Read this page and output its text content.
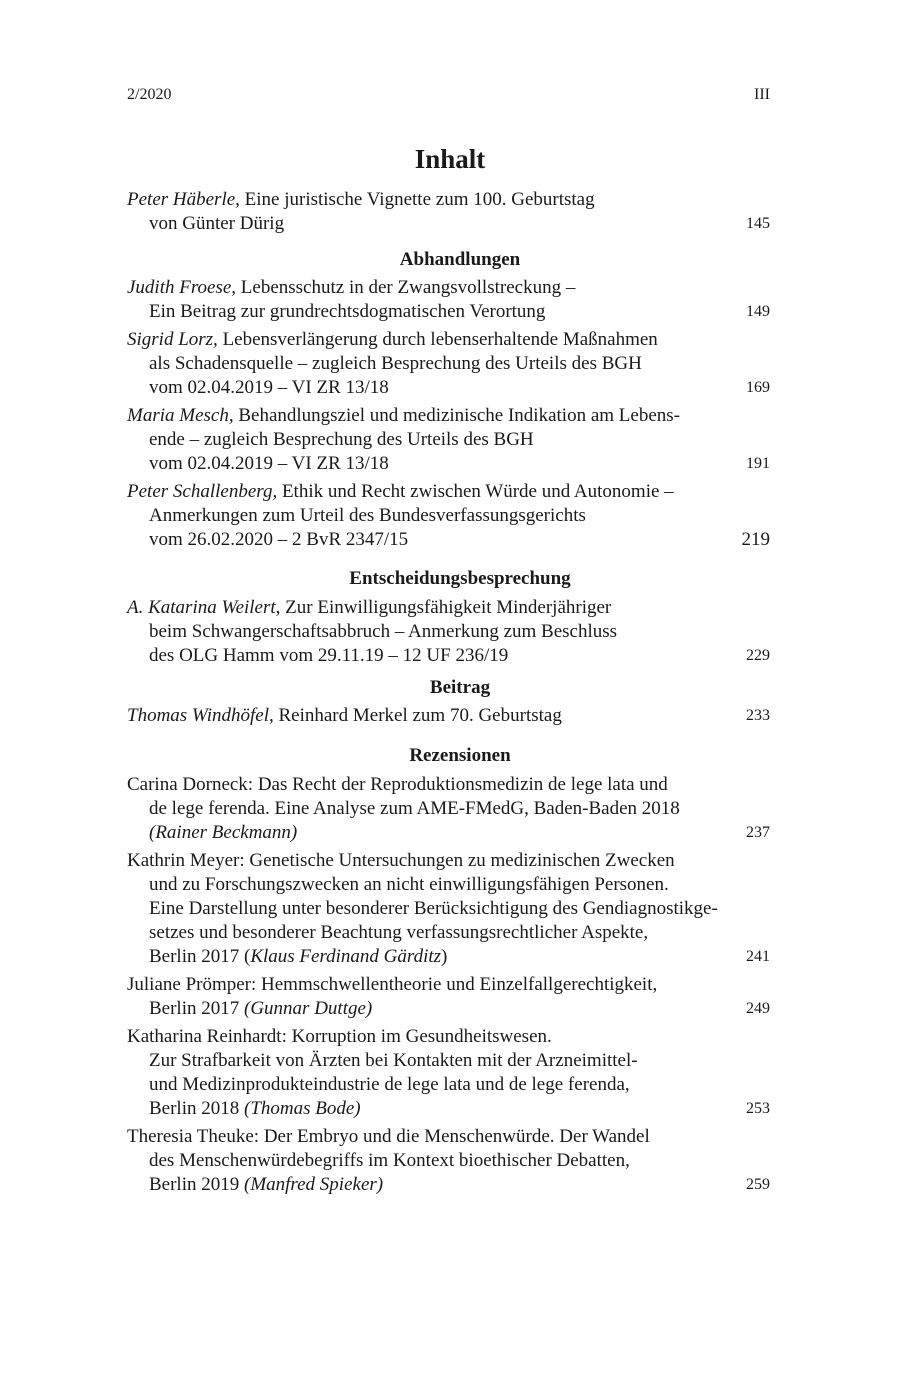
2/2020	III
Inhalt
Peter Häberle, Eine juristische Vignette zum 100. Geburtstag
von Günter Dürig	145
Abhandlungen
Judith Froese, Lebensschutz in der Zwangsvollstreckung –
Ein Beitrag zur grundrechtsdogmatischen Verortung	149
Sigrid Lorz, Lebensverlängerung durch lebenserhaltende Maßnahmen
als Schadensquelle – zugleich Besprechung des Urteils des BGH
vom 02.04.2019 – VI ZR 13/18	169
Maria Mesch, Behandlungsziel und medizinische Indikation am Lebens-
ende – zugleich Besprechung des Urteils des BGH
vom 02.04.2019 – VI ZR 13/18	191
Peter Schallenberg, Ethik und Recht zwischen Würde und Autonomie –
Anmerkungen zum Urteil des Bundesverfassungsgerichts
vom 26.02.2020 – 2 BvR 2347/15	219
Entscheidungsbesprechung
A. Katarina Weilert, Zur Einwilligungsfähigkeit Minderjähriger
beim Schwangerschaftsabbruch – Anmerkung zum Beschluss
des OLG Hamm vom 29.11.19 – 12 UF 236/19	229
Beitrag
Thomas Windhöfel, Reinhard Merkel zum 70. Geburtstag	233
Rezensionen
Carina Dorneck: Das Recht der Reproduktionsmedizin de lege lata und
de lege ferenda. Eine Analyse zum AME-FMedG, Baden-Baden 2018
(Rainer Beckmann)	237
Kathrin Meyer: Genetische Untersuchungen zu medizinischen Zwecken
und zu Forschungszwecken an nicht einwilligungsfähigen Personen.
Eine Darstellung unter besonderer Berücksichtigung des Gendiagnostikge-
setzes und besonderer Beachtung verfassungsrechtlicher Aspekte,
Berlin 2017 (Klaus Ferdinand Gärditz)	241
Juliane Prömper: Hemmschwellentheorie und Einzelfallgerechtigkeit,
Berlin 2017 (Gunnar Duttge)	249
Katharina Reinhardt: Korruption im Gesundheitswesen.
Zur Strafbarkeit von Ärzten bei Kontakten mit der Arzneimittel-
und Medizinprodukteindustrie de lege lata und de lege ferenda,
Berlin 2018 (Thomas Bode)	253
Theresia Theuke: Der Embryo und die Menschenwürde. Der Wandel
des Menschenwürdebegriffs im Kontext bioethischer Debatten,
Berlin 2019 (Manfred Spieker)	259
